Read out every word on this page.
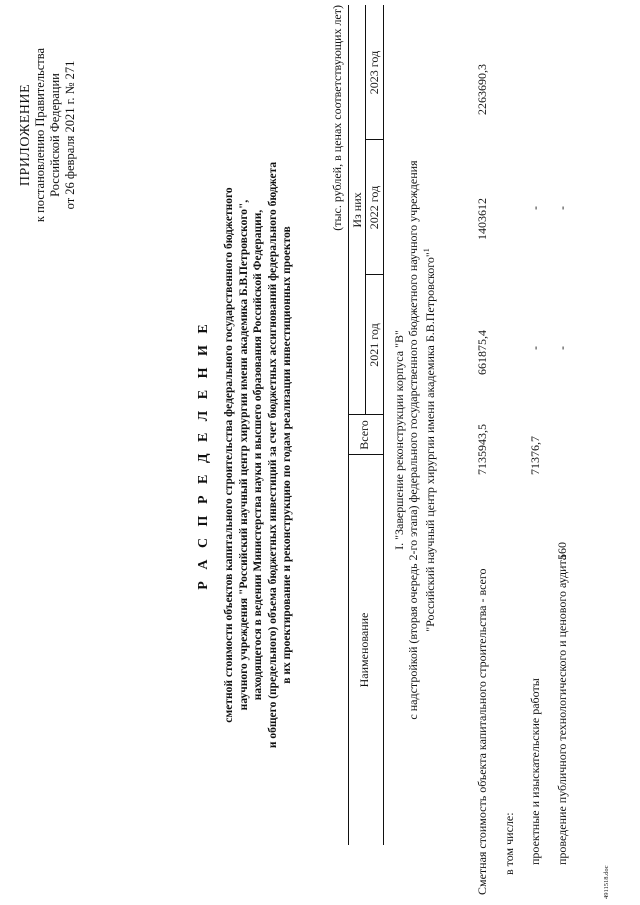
ПРИЛОЖЕНИЕ к постановлению Правительства Российской Федерации от 26 февраля 2021 г. № 271
Р А С П Р Е Д Е Л Е Н И Е сметной стоимости объектов капитального строительства федерального государственного бюджетного научного учреждения "Российский научный центр хирургии имени академика Б.В.Петровского", находящегося в ведении Министерства науки и высшего образования Российской Федерации, и общего (предельного) объема бюджетных инвестиций за счет бюджетных ассигнований федерального бюджета в их проектирование и реконструкцию по годам реализации инвестиционных проектов
(тыс. рублей, в ценах соответствующих лет)
Наименование
Всего
Из них
2021 год
2022 год
2023 год
I. "Завершение реконструкции корпуса "В" с надстройкой (вторая очередь 2-го этапа) федерального государственного бюджетного научного учреждения "Российский научный центр хирургии имени академика Б.В.Петровского"$^1$
Сметная стоимость объекта капитального строительства - всего
7135943,5
661875,4
1403612
2263690,3
в том числе: проектные и изыскательские работы
71376,7
-
-
проведение публичного технологического и ценового аудита
560
-
-
4911518.doc
